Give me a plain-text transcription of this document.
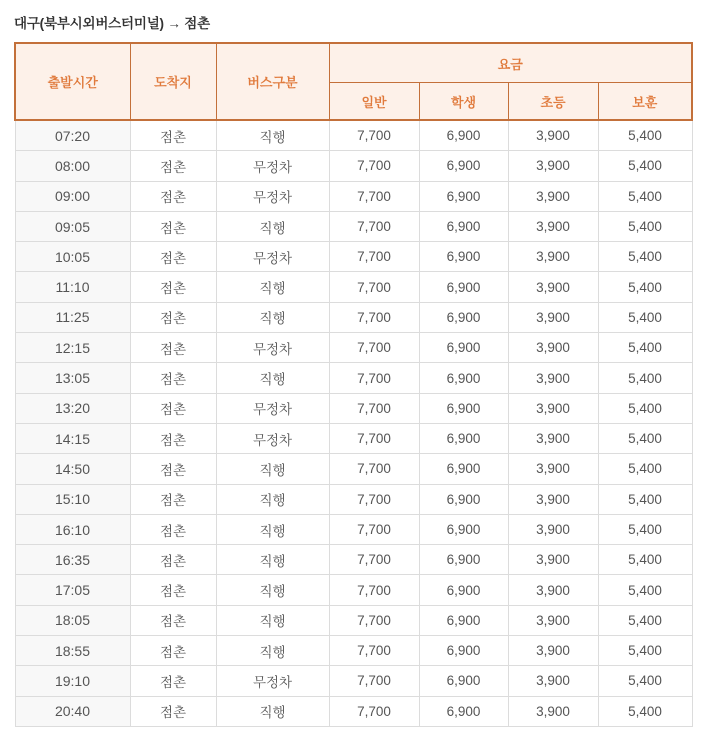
대구(북부시외버스터미널) → 점촌
출발시간	도착지	버스구분	요금			
			일반	학생	초등	보훈
07:20	점촌	직행	7,700	6,900	3,900	5,400
08:00	점촌	무정차	7,700	6,900	3,900	5,400
09:00	점촌	무정차	7,700	6,900	3,900	5,400
09:05	점촌	직행	7,700	6,900	3,900	5,400
10:05	점촌	무정차	7,700	6,900	3,900	5,400
11:10	점촌	직행	7,700	6,900	3,900	5,400
11:25	점촌	직행	7,700	6,900	3,900	5,400
12:15	점촌	무정차	7,700	6,900	3,900	5,400
13:05	점촌	직행	7,700	6,900	3,900	5,400
13:20	점촌	무정차	7,700	6,900	3,900	5,400
14:15	점촌	무정차	7,700	6,900	3,900	5,400
14:50	점촌	직행	7,700	6,900	3,900	5,400
15:10	점촌	직행	7,700	6,900	3,900	5,400
16:10	점촌	직행	7,700	6,900	3,900	5,400
16:35	점촌	직행	7,700	6,900	3,900	5,400
17:05	점촌	직행	7,700	6,900	3,900	5,400
18:05	점촌	직행	7,700	6,900	3,900	5,400
18:55	점촌	직행	7,700	6,900	3,900	5,400
19:10	점촌	무정차	7,700	6,900	3,900	5,400
20:40	점촌	직행	7,700	6,900	3,900	5,400
